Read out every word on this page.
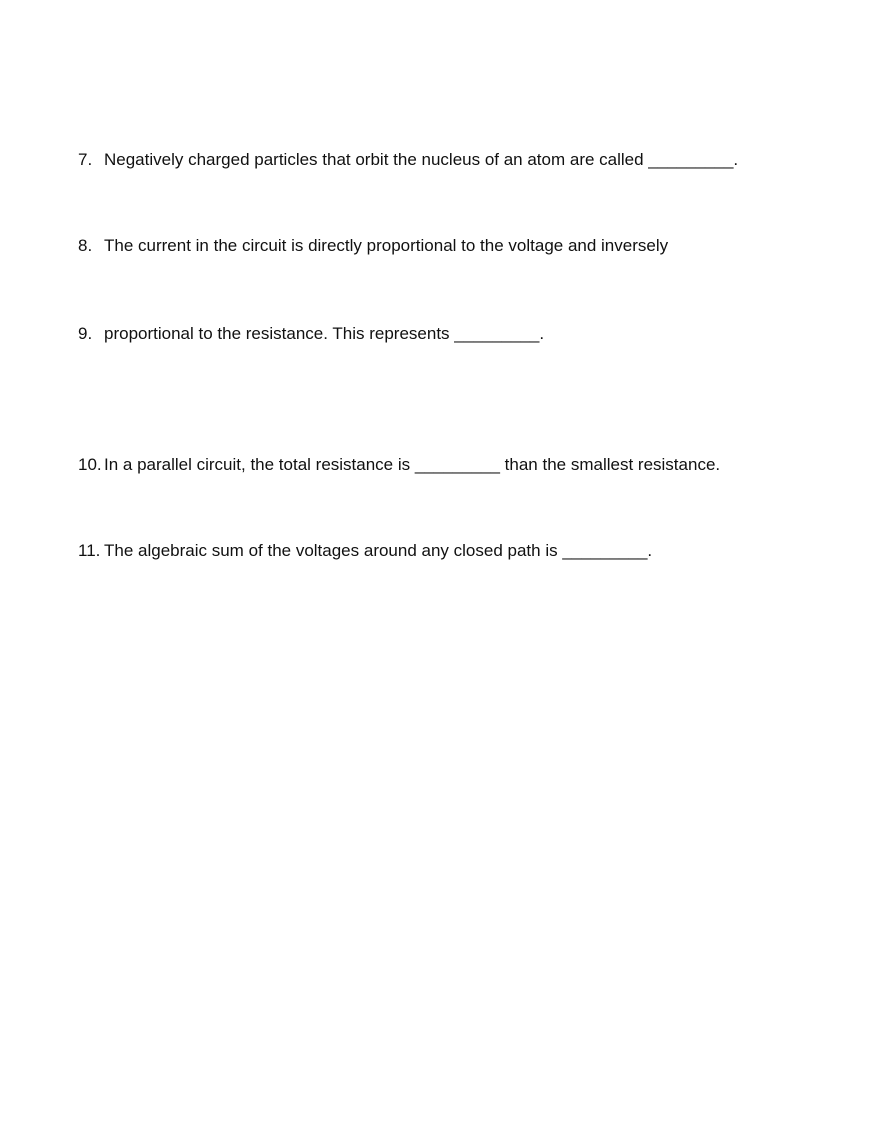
7. Negatively charged particles that orbit the nucleus of an atom are called _________.
8. The current in the circuit is directly proportional to the voltage and inversely
9. proportional to the resistance. This represents _________.
10. In a parallel circuit, the total resistance is _________ than the smallest resistance.
11. The algebraic sum of the voltages around any closed path is _________.
